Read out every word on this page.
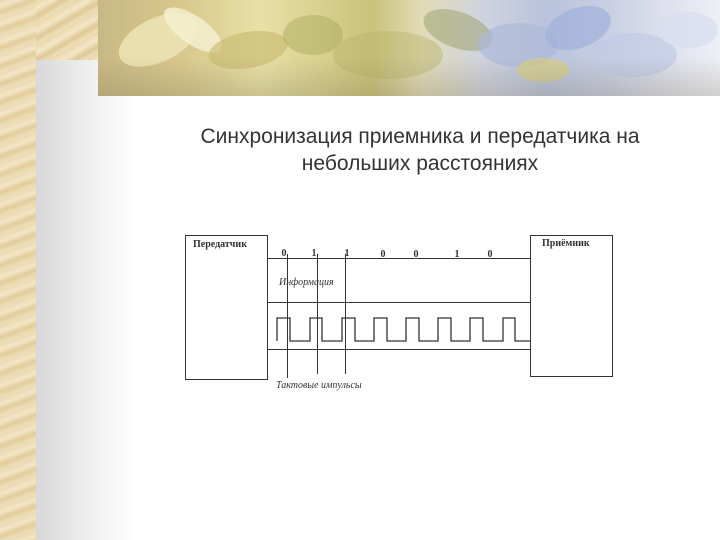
Синхронизация приемника и передатчика на
небольших расстояниях
Передатчик	Приёмник
0	1	1	0	0	1	0
Информация
Тактовые импульсы
